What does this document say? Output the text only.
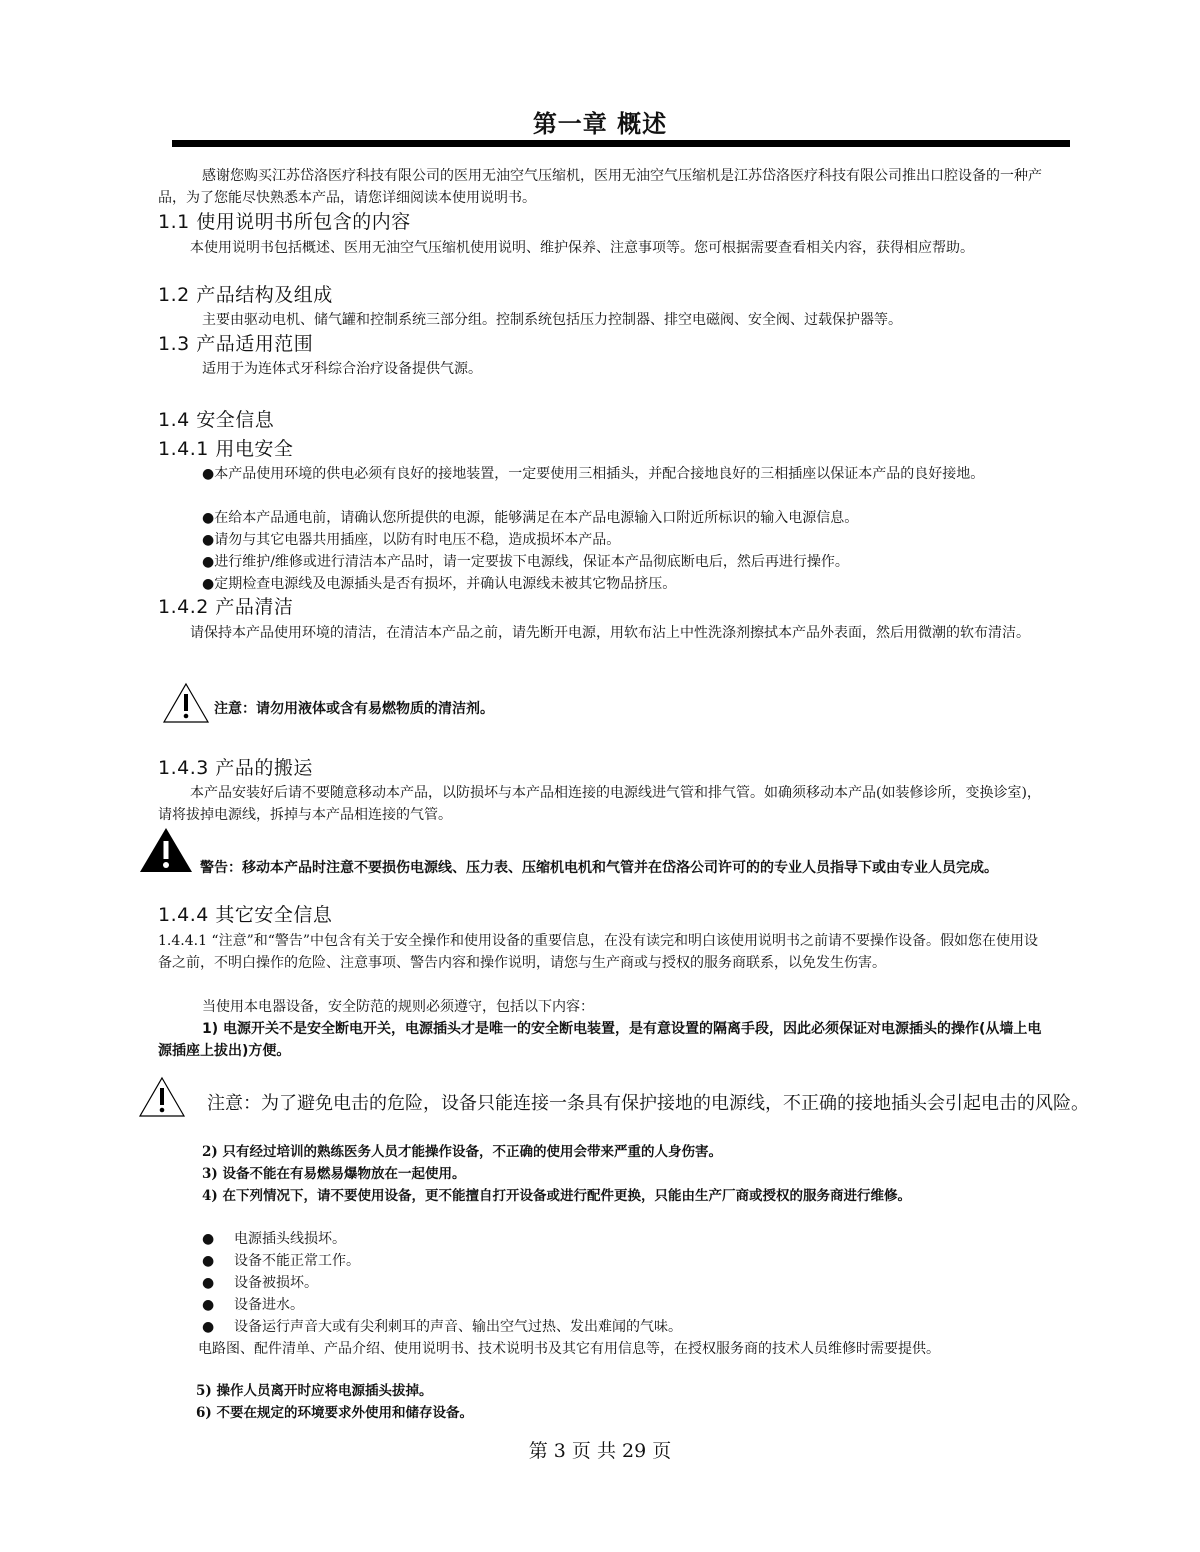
第一章 概述

感谢您购买江苏岱洛医疗科技有限公司的医用无油空气压缩机，医用无油空气压缩机是江苏岱洛医疗科技有限公司推出口腔设备的一种产品，为了您能尽快熟悉本产品，请您详细阅读本使用说明书。

1.1 使用说明书所包含的内容

本使用说明书包括概述、医用无油空气压缩机使用说明、维护保养、注意事项等。您可根据需要查看相关内容，获得相应帮助。

1.2 产品结构及组成

主要由驱动电机、储气罐和控制系统三部分组。控制系统包括压力控制器、排空电磁阀、安全阀、过载保护器等。

1.3 产品适用范围

适用于为连体式牙科综合治疗设备提供气源。

1.4 安全信息
1.4.1 用电安全

●本产品使用环境的供电必须有良好的接地装置，一定要使用三相插头，并配合接地良好的三相插座以保证本产品的良好接地。

●在给本产品通电前，请确认您所提供的电源，能够满足在本产品电源输入口附近所标识的输入电源信息。

●请勿与其它电器共用插座，以防有时电压不稳，造成损坏本产品。

●进行维护/维修或进行清洁本产品时，请一定要拔下电源线，保证本产品彻底断电后，然后再进行操作。

●定期检查电源线及电源插头是否有损坏，并确认电源线未被其它物品挤压。

1.4.2 产品清洁

请保持本产品使用环境的清洁，在清洁本产品之前，请先断开电源，用软布沾上中性洗涤剂擦拭本产品外表面，然后用微潮的软布清洁。

注意：请勿用液体或含有易燃物质的清洁剂。
1.4.3 产品的搬运

本产品安装好后请不要随意移动本产品，以防损坏与本产品相连接的电源线进气管和排气管。如确须移动本产品(如装修诊所，变换诊室)，请将拔掉电源线，拆掉与本产品相连接的气管。

警告：移动本产品时注意不要损伤电源线、压力表、压缩机电机和气管并在岱洛公司许可的的专业人员指导下或由专业人员完成。

1.4.4 其它安全信息

1.4.4.1 “注意”和“警告”中包含有关于安全操作和使用设备的重要信息，在没有读完和明白该使用说明书之前请不要操作设备。假如您在使用设备之前，不明白操作的危险、注意事项、警告内容和操作说明，请您与生产商或与授权的服务商联系，以免发生伤害。

当使用本电器设备，安全防范的规则必须遵守，包括以下内容：

1) 电源开关不是安全断电开关，电源插头才是唯一的安全断电装置，是有意设置的隔离手段，因此必须保证对电源插头的操作(从墙上电源插座上拔出)方便。

注意：为了避免电击的危险，设备只能连接一条具有保护接地的电源线，不正确的接地插头会引起电击的风险。

2) 只有经过培训的熟练医务人员才能操作设备，不正确的使用会带来严重的人身伤害。

3) 设备不能在有易燃易爆物放在一起使用。

4) 在下列情况下，请不要使用设备，更不能擅自打开设备或进行配件更换，只能由生产厂商或授权的服务商进行维修。

● 电源插头线损坏。

● 设备不能正常工作。

● 设备被损坏。

● 设备进水。

● 设备运行声音大或有尖利刺耳的声音、输出空气过热、发出难闻的气味。

电路图、配件清单、产品介绍、使用说明书、技术说明书及其它有用信息等，在授权服务商的技术人员维修时需要提供。

5) 操作人员离开时应将电源插头拔掉。

6) 不要在规定的环境要求外使用和储存设备。

第 3 页 共 29 页
